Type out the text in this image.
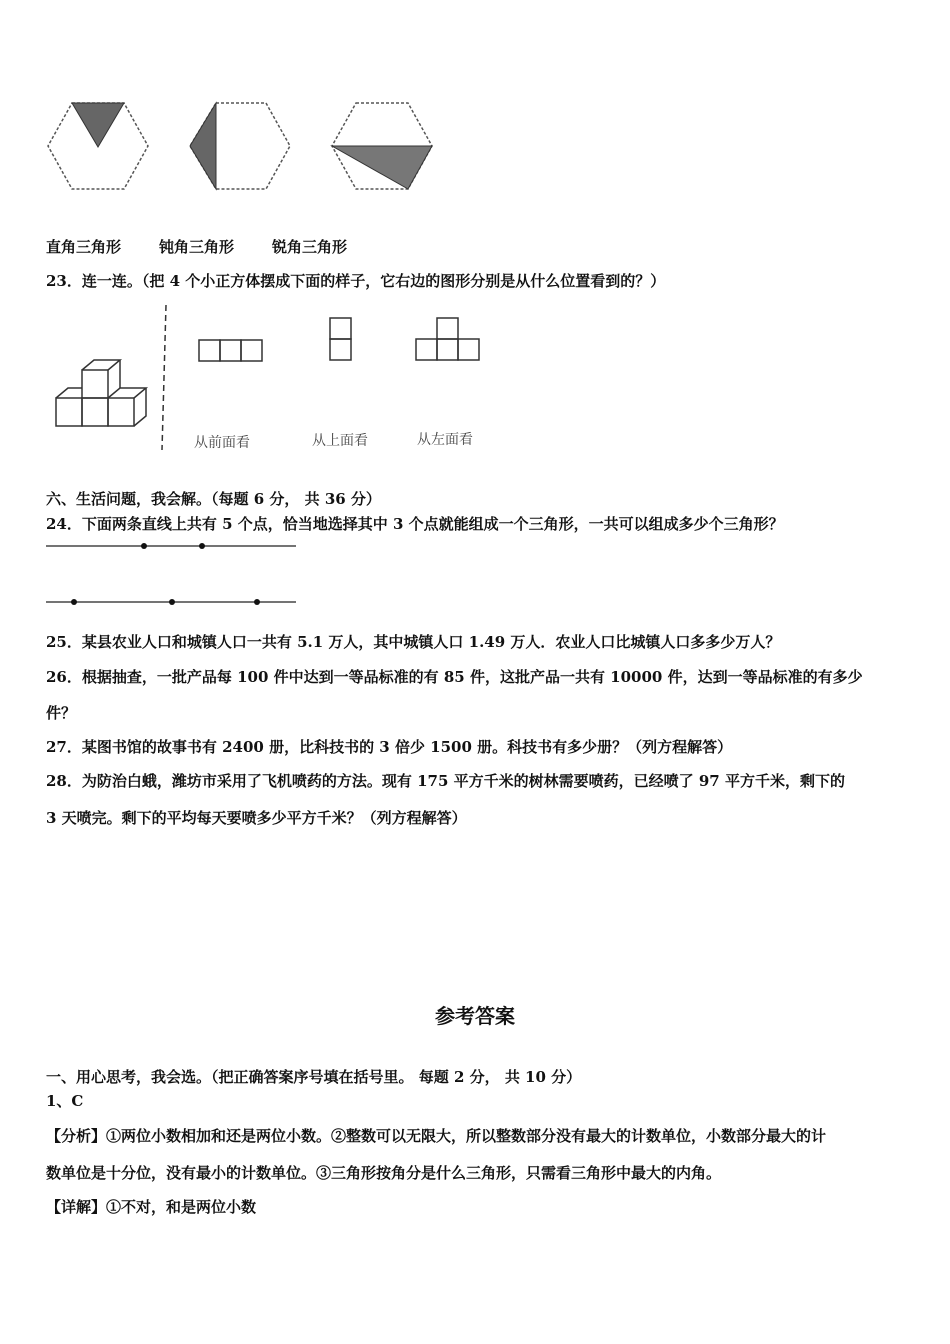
直角三角形	钝角三角形	锐角三角形
23．连一连。（把 4 个小正方体摆成下面的样子，它右边的图形分别是从什么位置看到的？）
从前面看	从上面看	从左面看
六、生活问题，我会解。（每题 6 分， 共 36 分）
24．下面两条直线上共有 5 个点，恰当地选择其中 3 个点就能组成一个三角形，一共可以组成多少个三角形？
25．某县农业人口和城镇人口一共有 5.1 万人，其中城镇人口 1.49 万人．农业人口比城镇人口多多少万人？
26．根据抽查，一批产品每 100 件中达到一等品标准的有 85 件，这批产品一共有 10000 件，达到一等品标准的有多少
件？
27．某图书馆的故事书有 2400 册，比科技书的 3 倍少 1500 册。科技书有多少册？（列方程解答）
28．为防治白蛾，潍坊市采用了飞机喷药的方法。现有 175 平方千米的树林需要喷药，已经喷了 97 平方千米，剩下的
3 天喷完。剩下的平均每天要喷多少平方千米？（列方程解答）
参考答案
一、用心思考，我会选。（把正确答案序号填在括号里。 每题 2 分， 共 10 分）
1、C
【分析】①两位小数相加和还是两位小数。②整数可以无限大，所以整数部分没有最大的计数单位，小数部分最大的计
数单位是十分位，没有最小的计数单位。③三角形按角分是什么三角形，只需看三角形中最大的内角。
【详解】①不对，和是两位小数
